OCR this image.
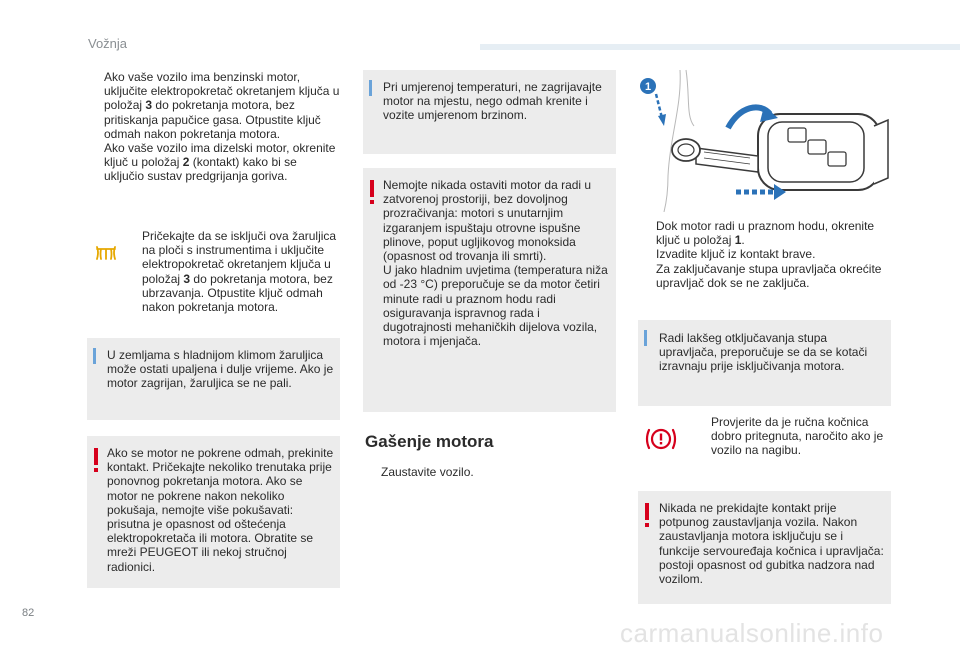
Vožnja
82
carmanualsonline.info
Ako vaše vozilo ima benzinski motor, uključite elektropokretač okretanjem ključa u položaj 3 do pokretanja motora, bez pritiskanja papučice gasa. Otpustite ključ odmah nakon pokretanja motora.
Ako vaše vozilo ima dizelski motor, okrenite ključ u položaj 2 (kontakt) kako bi se uključio sustav predgrijanja goriva.
Pričekajte da se isključi ova žaruljica na ploči s instrumentima i uključite elektropokretač okretanjem ključa u položaj 3 do pokretanja motora, bez ubrzavanja. Otpustite ključ odmah nakon pokretanja motora.
U zemljama s hladnijom klimom žaruljica može ostati upaljena i dulje vrijeme. Ako je motor zagrijan, žaruljica se ne pali.
Ako se motor ne pokrene odmah, prekinite kontakt. Pričekajte nekoliko trenutaka prije ponovnog pokretanja motora. Ako se motor ne pokrene nakon nekoliko pokušaja, nemojte više pokušavati: prisutna je opasnost od oštećenja elektropokretača ili motora. Obratite se mreži PEUGEOT ili nekoj stručnoj radionici.
Pri umjerenoj temperaturi, ne zagrijavajte motor na mjestu, nego odmah krenite i vozite umjerenom brzinom.
Nemojte nikada ostaviti motor da radi u zatvorenoj prostoriji, bez dovoljnog prozračivanja: motori s unutarnjim izgaranjem ispuštaju otrovne ispušne plinove, poput ugljikovog monoksida (opasnost od trovanja ili smrti).
U jako hladnim uvjetima (temperatura niža od -23 °C) preporučuje se da motor četiri minute radi u praznom hodu radi osiguravanja ispravnog rada i dugotrajnosti mehaničkih dijelova vozila, motora i mjenjača.
Gašenje motora
Zaustavite vozilo.
1
Dok motor radi u praznom hodu, okrenite ključ u položaj 1.
Izvadite ključ iz kontakt brave.
Za zaključavanje stupa upravljača okrećite upravljač dok se ne zaključa.
Radi lakšeg otključavanja stupa upravljača, preporučuje se da se kotači izravnaju prije isključivanja motora.
Provjerite da je ručna kočnica dobro pritegnuta, naročito ako je vozilo na nagibu.
Nikada ne prekidajte kontakt prije potpunog zaustavljanja vozila. Nakon zaustavljanja motora isključuju se i funkcije servouređaja kočnica i upravljača: postoji opasnost od gubitka nadzora nad vozilom.
